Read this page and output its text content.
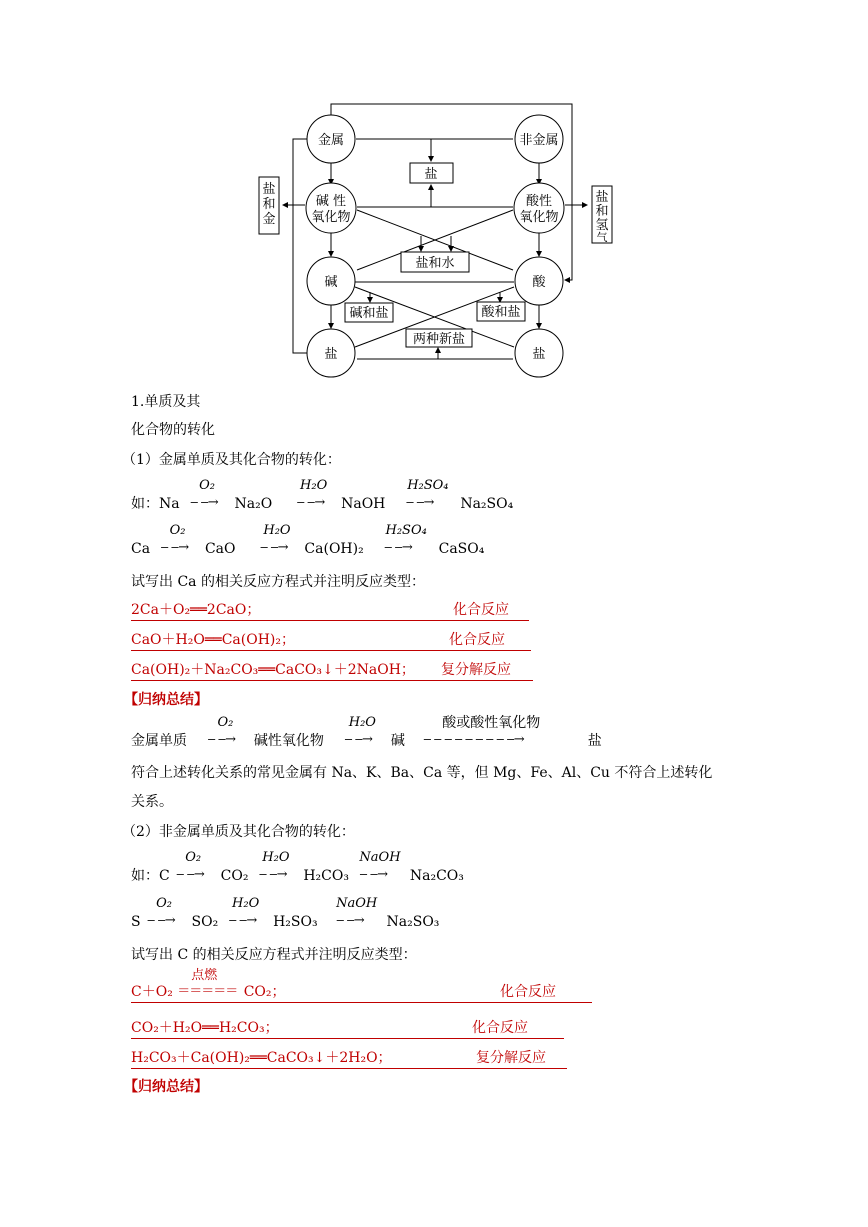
金属	非金属
碱 性
氧化物
酸性
氧化物
碱	酸
盐	盐
盐
盐和水
碱和盐	酸和盐
两种新盐
盐
和
金
盐
和
氢
气
1.单质及其
化合物的转化
（1）金属单质及其化合物的转化：
如：Na
O₂
‒ ‒→	Na₂O
H₂O
‒ ‒→	NaOH
H₂SO₄
‒ ‒→	Na₂SO₄
Ca
O₂
‒ ‒→	CaO
H₂O
‒ ‒→	Ca(OH)₂
H₂SO₄
‒ ‒→	CaSO₄
试写出 Ca 的相关反应方程式并注明反应类型：
2Ca＋O₂══2CaO；	化合反应
CaO＋H₂O══Ca(OH)₂；	化合反应
Ca(OH)₂＋Na₂CO₃══CaCO₃↓＋2NaOH； 复分解反应
【归纳总结】
金属单质
O₂
‒ ‒→	碱性氧化物
H₂O
‒ ‒→	碱
酸或酸性氧化物
‒ ‒ ‒ ‒ ‒ ‒ ‒ ‒ ‒→	盐
符合上述转化关系的常见金属有 Na、K、Ba、Ca 等，但 Mg、Fe、Al、Cu 不符合上述转化
关系。
（2）非金属单质及其化合物的转化：
如：C
O₂
‒ ‒→	CO₂
H₂O
‒ ‒→	H₂CO₃
NaOH
‒ ‒→	Na₂CO₃
S
O₂
‒ ‒→	SO₂
H₂O
‒ ‒→	H₂SO₃
NaOH
‒ ‒→	Na₂SO₃
试写出 C 的相关反应方程式并注明反应类型：
C＋O₂
点燃
＝＝＝＝＝ CO₂；	化合反应
CO₂＋H₂O══H₂CO₃；	化合反应
H₂CO₃＋Ca(OH)₂══CaCO₃↓＋2H₂O；	复分解反应
【归纳总结】
